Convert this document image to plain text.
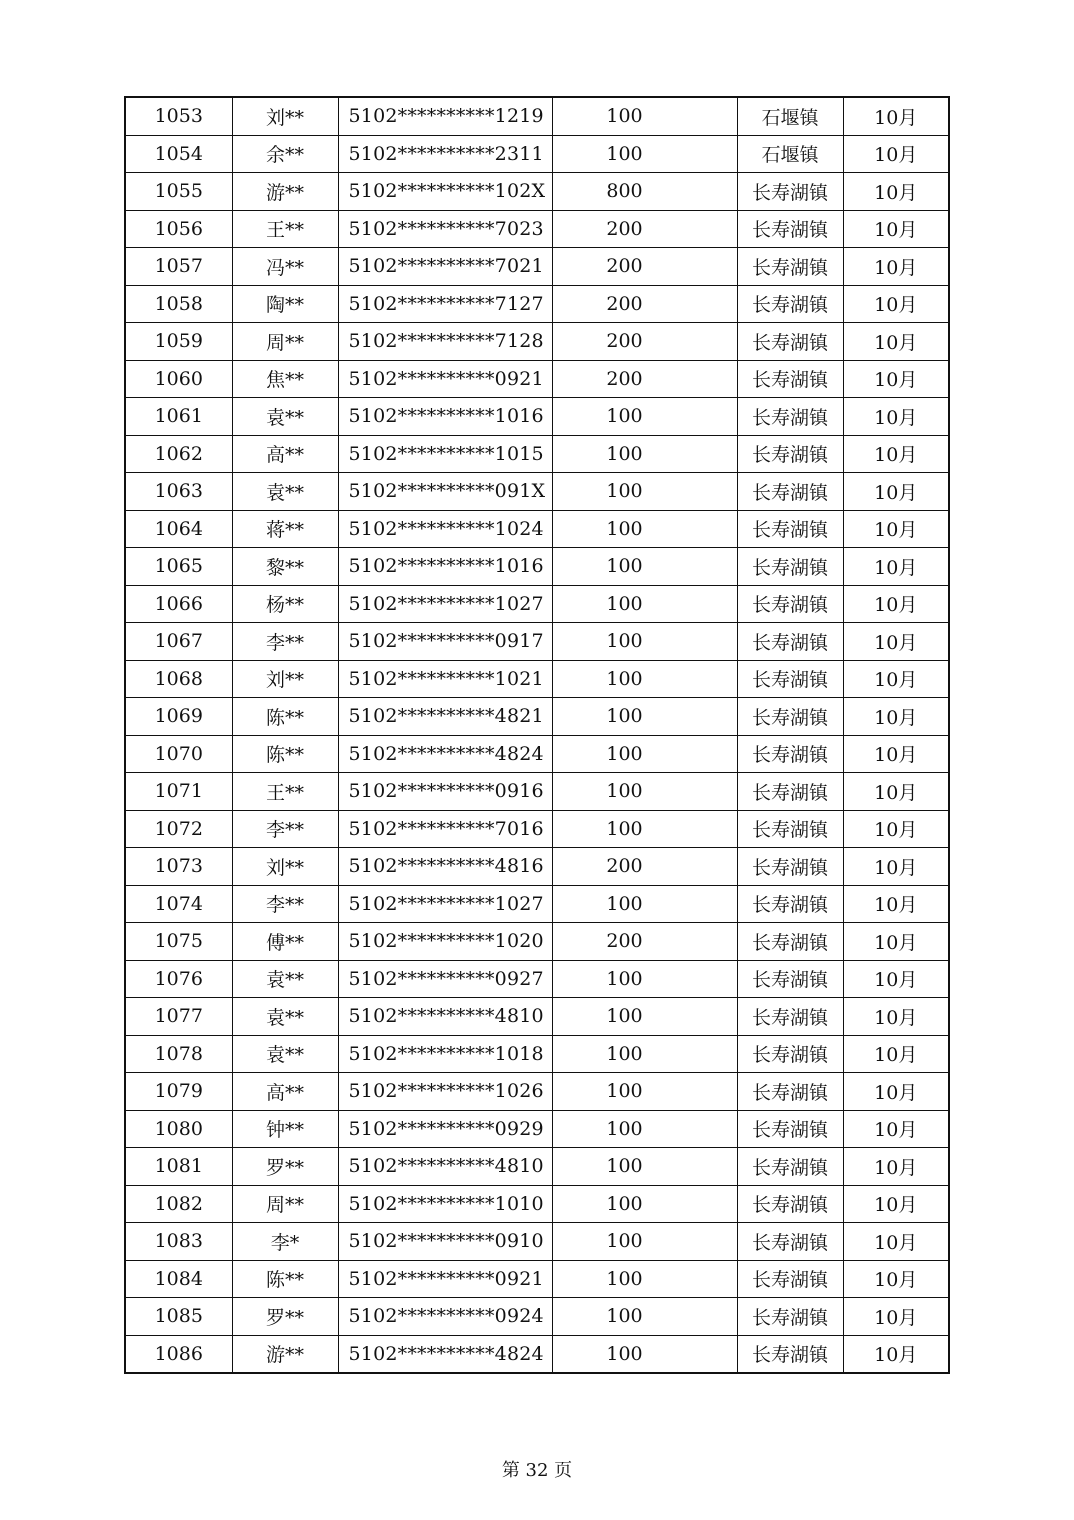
1053	刘**	5102**********1219	100	石堰镇	10月
1054	余**	5102**********2311	100	石堰镇	10月
1055	游**	5102**********102X	800	长寿湖镇	10月
1056	王**	5102**********7023	200	长寿湖镇	10月
1057	冯**	5102**********7021	200	长寿湖镇	10月
1058	陶**	5102**********7127	200	长寿湖镇	10月
1059	周**	5102**********7128	200	长寿湖镇	10月
1060	焦**	5102**********0921	200	长寿湖镇	10月
1061	袁**	5102**********1016	100	长寿湖镇	10月
1062	高**	5102**********1015	100	长寿湖镇	10月
1063	袁**	5102**********091X	100	长寿湖镇	10月
1064	蒋**	5102**********1024	100	长寿湖镇	10月
1065	黎**	5102**********1016	100	长寿湖镇	10月
1066	杨**	5102**********1027	100	长寿湖镇	10月
1067	李**	5102**********0917	100	长寿湖镇	10月
1068	刘**	5102**********1021	100	长寿湖镇	10月
1069	陈**	5102**********4821	100	长寿湖镇	10月
1070	陈**	5102**********4824	100	长寿湖镇	10月
1071	王**	5102**********0916	100	长寿湖镇	10月
1072	李**	5102**********7016	100	长寿湖镇	10月
1073	刘**	5102**********4816	200	长寿湖镇	10月
1074	李**	5102**********1027	100	长寿湖镇	10月
1075	傅**	5102**********1020	200	长寿湖镇	10月
1076	袁**	5102**********0927	100	长寿湖镇	10月
1077	袁**	5102**********4810	100	长寿湖镇	10月
1078	袁**	5102**********1018	100	长寿湖镇	10月
1079	高**	5102**********1026	100	长寿湖镇	10月
1080	钟**	5102**********0929	100	长寿湖镇	10月
1081	罗**	5102**********4810	100	长寿湖镇	10月
1082	周**	5102**********1010	100	长寿湖镇	10月
1083	李*	5102**********0910	100	长寿湖镇	10月
1084	陈**	5102**********0921	100	长寿湖镇	10月
1085	罗**	5102**********0924	100	长寿湖镇	10月
1086	游**	5102**********4824	100	长寿湖镇	10月
第 32 页
